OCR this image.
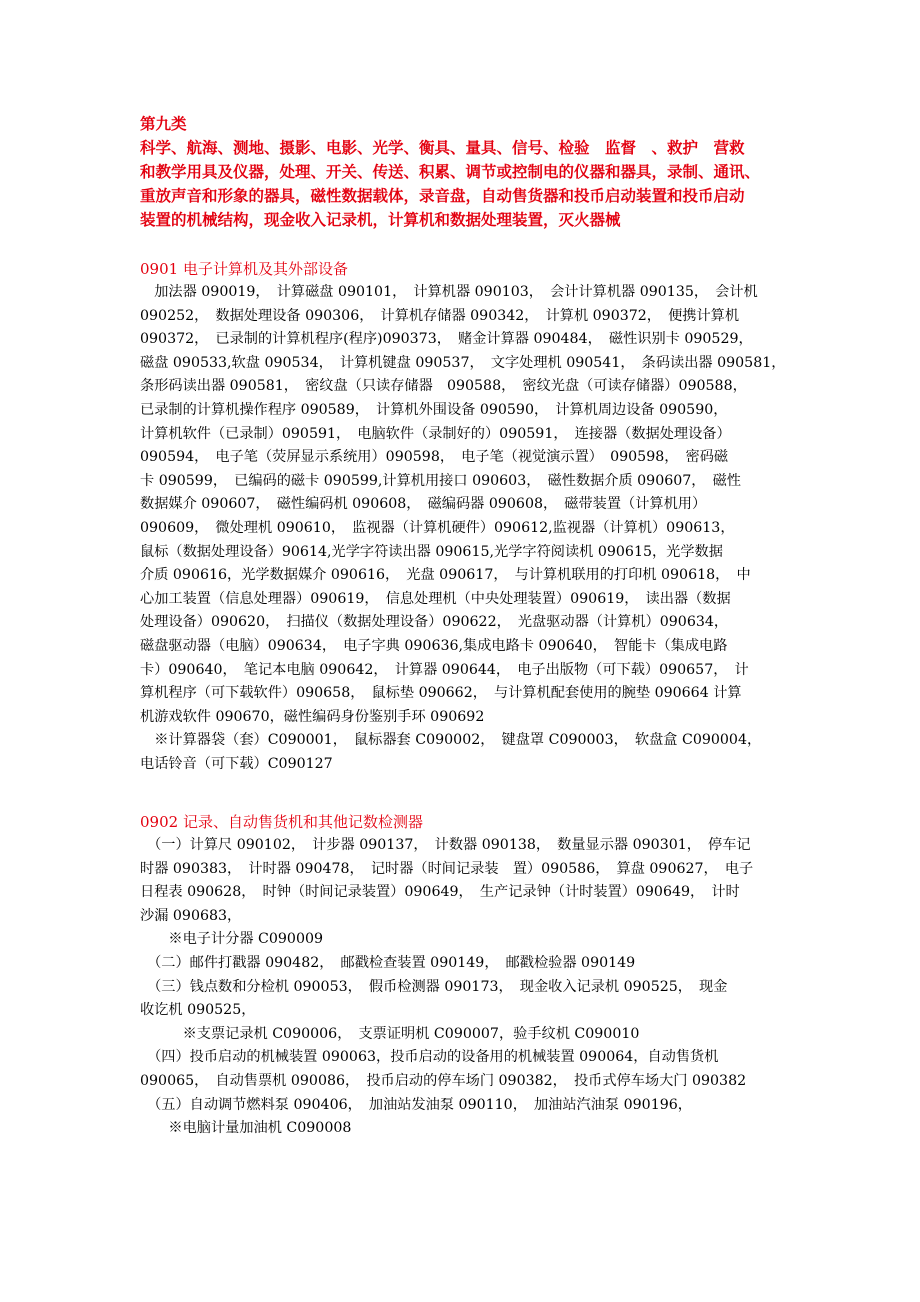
第九类
科学、航海、测地、摄影、电影、光学、衡具、量具、信号、检验　监督　、救护　营救
和教学用具及仪器，处理、开关、传送、积累、调节或控制电的仪器和器具，录制、通讯、
重放声音和形象的器具，磁性数据载体，录音盘，自动售货器和投币启动装置和投币启动
装置的机械结构，现金收入记录机，计算机和数据处理装置，灭火器械
0901 电子计算机及其外部设备
　加法器 090019，　计算磁盘 090101，　计算机器 090103，　会计计算机器 090135，　会计机
090252，　数据处理设备 090306，　计算机存储器 090342，　计算机 090372，　便携计算机
090372，　已录制的计算机程序(程序)090373，　赌金计算器 090484，　磁性识别卡 090529，
磁盘 090533,软盘 090534，　计算机键盘 090537，　文字处理机 090541，　条码读出器 090581，
条形码读出器 090581，　密纹盘（只读存储器　090588，　密纹光盘（可读存储器）090588，
已录制的计算机操作程序 090589，　计算机外围设备 090590，　计算机周边设备 090590，
计算机软件（已录制）090591，　电脑软件（录制好的）090591，　连接器（数据处理设备）
090594，　电子笔（荧屏显示系统用）090598，　电子笔（视觉演示置）　090598，　密码磁
卡 090599，　已编码的磁卡 090599,计算机用接口 090603，　磁性数据介质 090607，　磁性
数据媒介 090607，　磁性编码机 090608，　磁编码器 090608，　磁带装置（计算机用）
090609，　微处理机 090610，　监视器（计算机硬件）090612,监视器（计算机）090613，
鼠标（数据处理设备）90614,光学字符读出器 090615,光学字符阅读机 090615，光学数据
介质 090616，光学数据媒介 090616，　光盘 090617，　与计算机联用的打印机 090618，　中
心加工装置（信息处理器）090619，　信息处理机（中央处理装置）090619，　读出器（数据
处理设备）090620，　扫描仪（数据处理设备）090622，　光盘驱动器（计算机）090634，
磁盘驱动器（电脑）090634，　电子字典 090636,集成电路卡 090640，　智能卡（集成电路
卡）090640，　笔记本电脑 090642，　计算器 090644，　电子出版物（可下载）090657，　计
算机程序（可下载软件）090658，　鼠标垫 090662，　与计算机配套使用的腕垫 090664 计算
机游戏软件 090670，磁性编码身份鉴别手环 090692
　※计算器袋（套）C090001，　鼠标器套 C090002，　键盘罩 C090003，　软盘盒 C090004，
电话铃音（可下载）C090127
0902 记录、自动售货机和其他记数检测器
　（一）计算尺 090102，　计步器 090137，　计数器 090138，　数量显示器 090301，　停车记
时器 090383，　计时器 090478，　记时器（时间记录装　置）090586，　算盘 090627，　电子
日程表 090628，　时钟（时间记录装置）090649，　生产记录钟（计时装置）090649，　计时
沙漏 090683，
　　※电子计分器 C090009
　（二）邮件打戳器 090482，　邮戳检查装置 090149，　邮戳检验器 090149
　（三）钱点数和分检机 090053，　假币检测器 090173，　现金收入记录机 090525，　现金
收讫机 090525，
　　　※支票记录机 C090006，　支票证明机 C090007，验手纹机 C090010
　（四）投币启动的机械装置 090063，投币启动的设备用的机械装置 090064，自动售货机
090065，　自动售票机 090086，　投币启动的停车场门 090382，　投币式停车场大门 090382
　（五）自动调节燃料泵 090406，　加油站发油泵 090110，　加油站汽油泵 090196，
　　※电脑计量加油机 C090008
